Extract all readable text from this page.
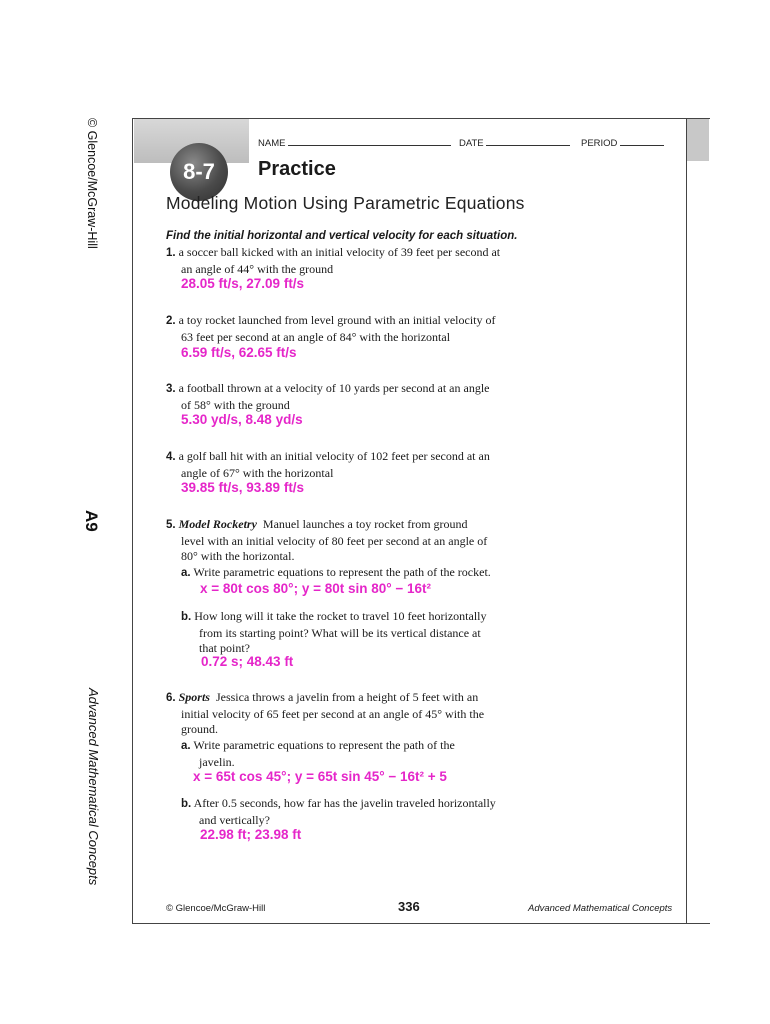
© Glencoe/McGraw-Hill
A9
Advanced Mathematical Concepts
8-7
NAME	DATE	PERIOD
Practice
Modeling Motion Using Parametric Equations
Find the initial horizontal and vertical velocity for each situation.
1. a soccer ball kicked with an initial velocity of 39 feet per second at
an angle of 44° with the ground
28.05 ft/s, 27.09 ft/s
2. a toy rocket launched from level ground with an initial velocity of
63 feet per second at an angle of 84° with the horizontal
6.59 ft/s, 62.65 ft/s
3. a football thrown at a velocity of 10 yards per second at an angle
of 58° with the ground
5.30 yd/s, 8.48 yd/s
4. a golf ball hit with an initial velocity of 102 feet per second at an
angle of 67° with the horizontal
39.85 ft/s, 93.89 ft/s
5. Model Rocketry Manuel launches a toy rocket from ground
level with an initial velocity of 80 feet per second at an angle of
80° with the horizontal.
a. Write parametric equations to represent the path of the rocket.
x = 80t cos 80°; y = 80t sin 80° − 16t²
b. How long will it take the rocket to travel 10 feet horizontally
from its starting point? What will be its vertical distance at
that point?
0.72 s; 48.43 ft
6. Sports Jessica throws a javelin from a height of 5 feet with an
initial velocity of 65 feet per second at an angle of 45° with the
ground.
a. Write parametric equations to represent the path of the
javelin.
x = 65t cos 45°; y = 65t sin 45° − 16t² + 5
b. After 0.5 seconds, how far has the javelin traveled horizontally
and vertically?
22.98 ft; 23.98 ft
© Glencoe/McGraw-Hill	336	Advanced Mathematical Concepts
